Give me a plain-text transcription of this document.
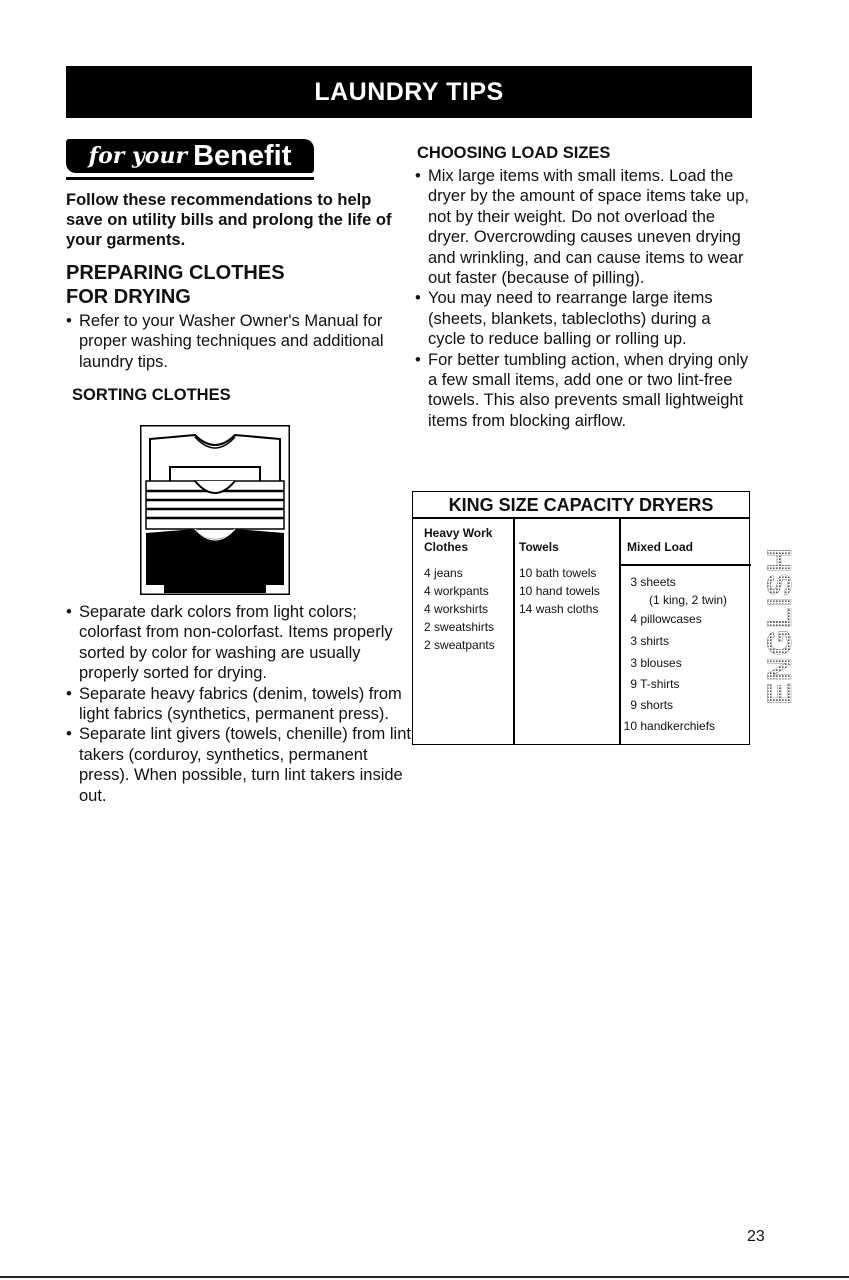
LAUNDRY TIPS
for your Benefit

Follow these recommendations to help save on utility bills and prolong the life of your garments.

PREPARING CLOTHES
FOR DRYING
• Refer to your Washer Owner's Manual for proper washing techniques and additional laundry tips.
SORTING CLOTHES
• Separate dark colors from light colors; colorfast from non-colorfast. Items properly sorted by color for washing are usually properly sorted for drying.
• Separate heavy fabrics (denim, towels) from light fabrics (synthetics, permanent press).
• Separate lint givers (towels, chenille) from lint takers (corduroy, synthetics, permanent press). When possible, turn lint takers inside out.
CHOOSING LOAD SIZES
• Mix large items with small items. Load the dryer by the amount of space items take up, not by their weight. Do not overload the dryer. Overcrowding causes uneven drying and wrinkling, and can cause items to wear out faster (because of pilling).
• You may need to rearrange large items (sheets, blankets, tablecloths) during a cycle to reduce balling or rolling up.
• For better tumbling action, when drying only a few small items, add one or two lint-free towels. This also prevents small lightweight items from blocking airflow.
KING SIZE CAPACITY DRYERS
Heavy Work
Clothes	Towels	Mixed Load
4 jeans
4 workpants
4 workshirts
2 sweatshirts
2 sweatpants
10 bath towels
10 hand towels
14 wash cloths
3 sheets
(1 king, 2 twin)
4 pillowcases
3 shirts
3 blouses
9 T-shirts
9 shorts
10 handkerchiefs
ENGLISH
23
